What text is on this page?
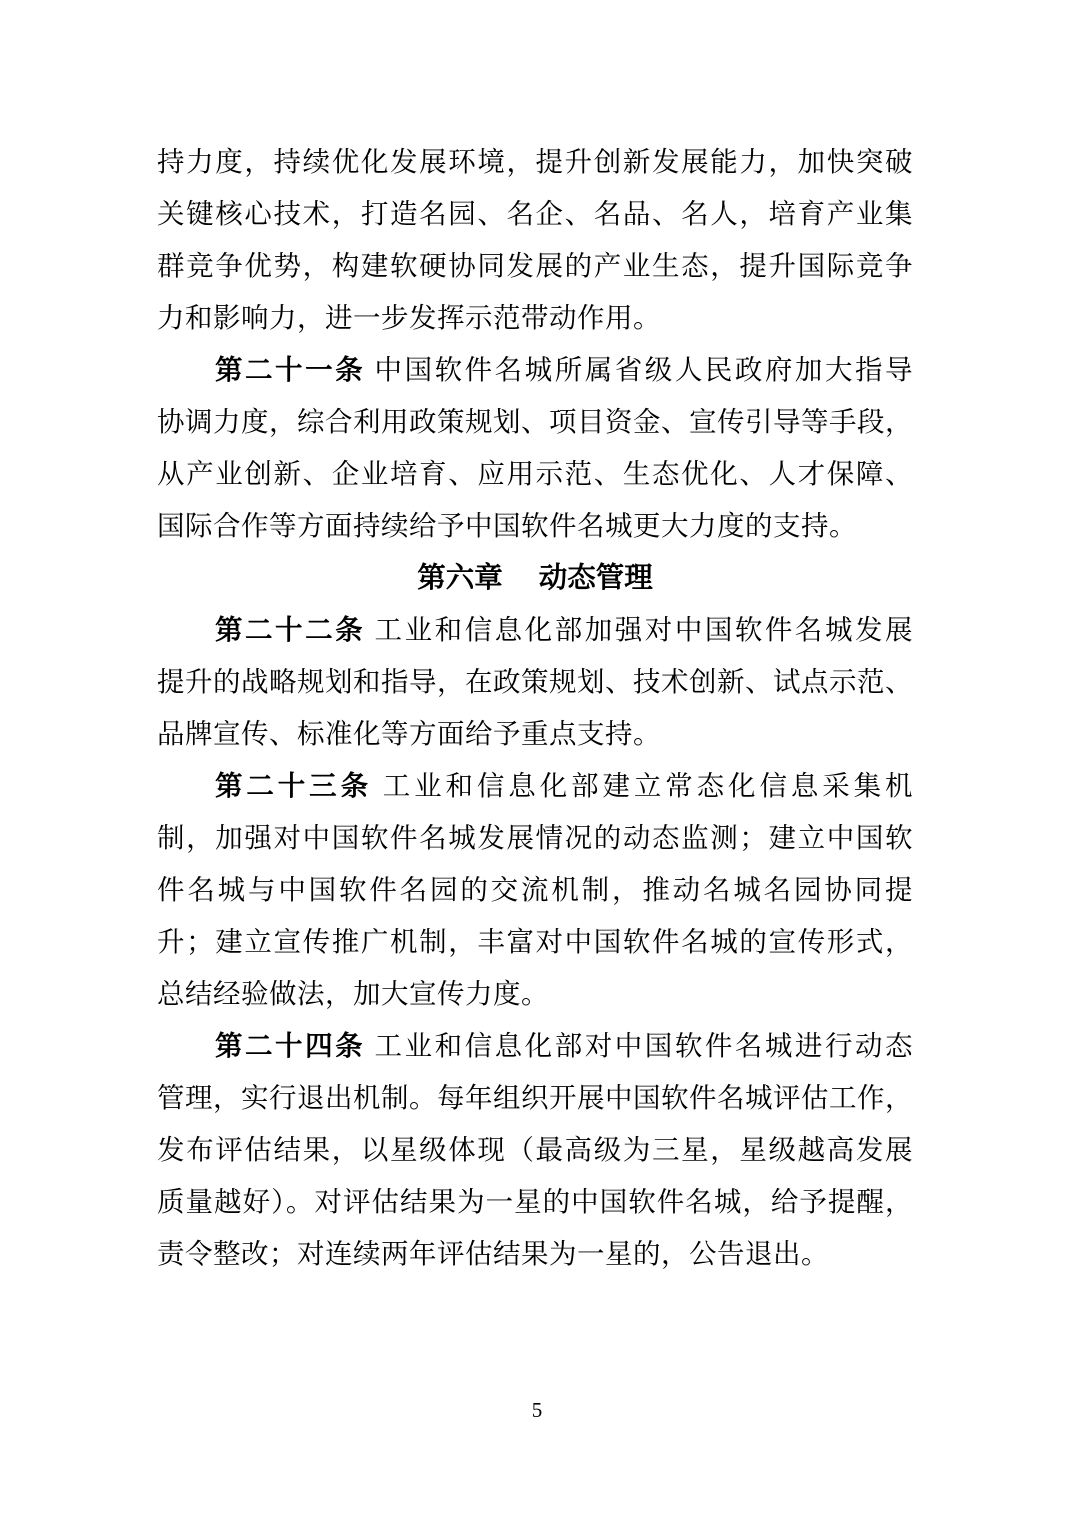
持力度，持续优化发展环境，提升创新发展能力，加快突破
关键核心技术，打造名园、名企、名品、名人，培育产业集
群竞争优势，构建软硬协同发展的产业生态，提升国际竞争
力和影响力，进一步发挥示范带动作用。
第二十一条 中国软件名城所属省级人民政府加大指导
协调力度，综合利用政策规划、项目资金、宣传引导等手段，
从产业创新、企业培育、应用示范、生态优化、人才保障、
国际合作等方面持续给予中国软件名城更大力度的支持。
第六章 动态管理
第二十二条 工业和信息化部加强对中国软件名城发展
提升的战略规划和指导，在政策规划、技术创新、试点示范、
品牌宣传、标准化等方面给予重点支持。
第二十三条 工业和信息化部建立常态化信息采集机
制，加强对中国软件名城发展情况的动态监测；建立中国软
件名城与中国软件名园的交流机制，推动名城名园协同提
升；建立宣传推广机制，丰富对中国软件名城的宣传形式，
总结经验做法，加大宣传力度。
第二十四条 工业和信息化部对中国软件名城进行动态
管理，实行退出机制。每年组织开展中国软件名城评估工作，
发布评估结果，以星级体现（最高级为三星，星级越高发展
质量越好）。对评估结果为一星的中国软件名城，给予提醒，
责令整改；对连续两年评估结果为一星的，公告退出。
5
